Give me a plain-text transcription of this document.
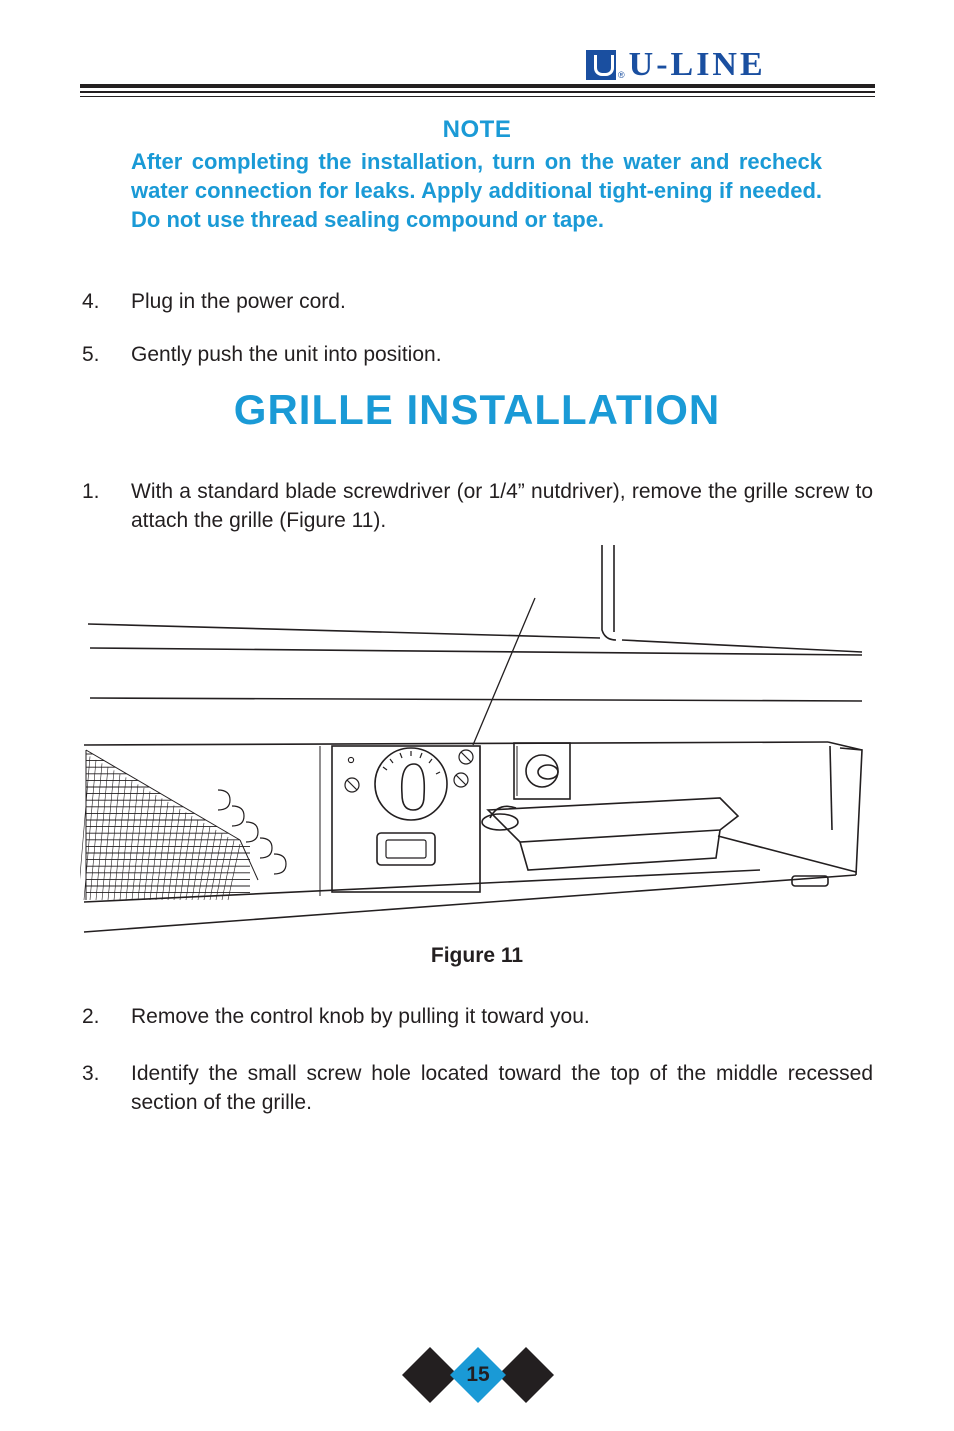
® U-LINE
NOTE

After completing the installation, turn on the water and recheck water connection for leaks. Apply additional tight-ening if needed. Do not use thread sealing compound or tape.

4. Plug in the power cord.
5. Gently push the unit into position.
GRILLE INSTALLATION
1. With a standard blade screwdriver (or 1/4” nutdriver), remove the grille screw to attach the grille (Figure 11).
Figure 11
2. Remove the control knob by pulling it toward you.
3. Identify the small screw hole located toward the top of the middle recessed section of the grille.
15
